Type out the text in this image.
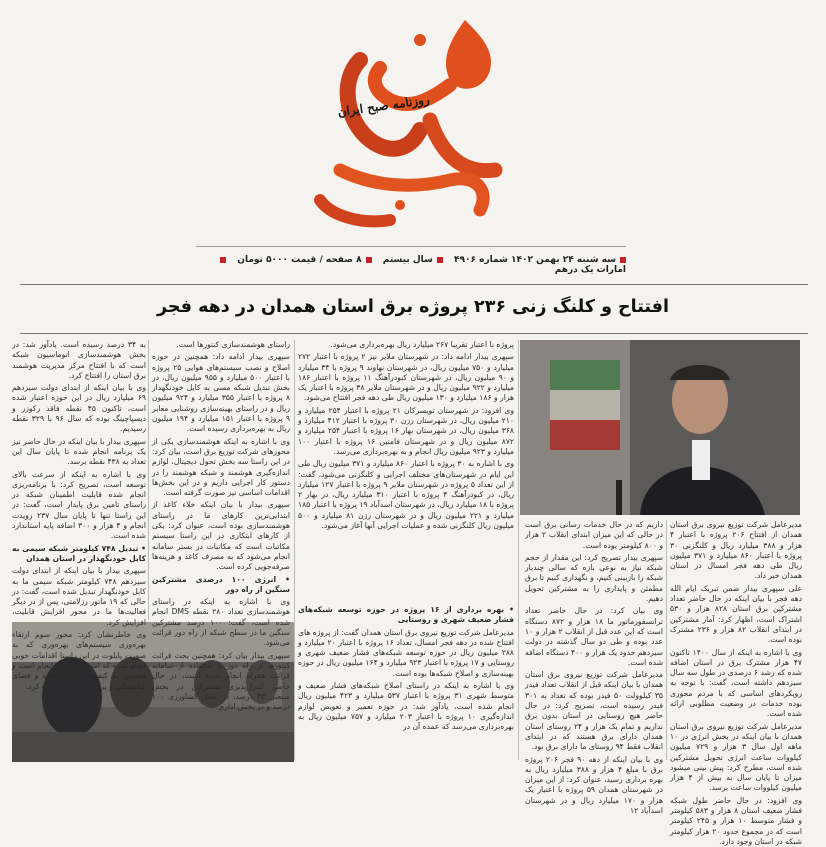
روزنامه صبح ایران
سه شنبه ۲۴ بهمن ۱۴۰۲ شماره ۴۹۰۶ سال بیستم ۸ صفحه / قیمت ۵۰۰۰ تومان امارات یک درهم
افتتاح و کلنگ زنی ۲۳۶ پروژه برق استان همدان در دهه فجر

مدیرعامل شرکت توزیع نیروی برق استان همدان از افتتاح ۲۰۶ پروژه با اعتبار ۴ هزار و ۳۸۸ میلیارد ریال و کلنگزنی ۳۰ پروژه با اعتبار ۸۶۰ میلیارد و ۳۷۱ میلیون ریال طی دهه فجر امسال در استان همدان خبر داد.

علی سپهری بیدار ضمن تبریک ایام الله دهه فجر با بیان اینکه در حال حاضر تعداد مشترکین برق استان ۸۲۸ هزار و ۵۳۰ اشتراک است، اظهار کرد: آمار مشترکین در ابتدای انقلاب ۸۲ هزار و ۲۳۶ مشترک بوده است.

وی با اشاره به اینکه از سال ۱۴۰۰ تاکنون ۴۷ هزار مشترک برق در استان اضافه شده که رشد ۶ درصدی در طول سه سال سیزدهم داشته است، گفت: با توجه به رویکردهای اساسی که با مردم محوری بوده خدمات در وضعیت مطلوبی ارائه شده است.

مدیرعامل شرکت توزیع نیروی برق استان همدان با بیان اینکه در بخش انرژی در ۱۰ ماهه اول سال ۳ هزار و ۷۲۹ میلیون کیلووات ساعت انرژی تحویل مشترکین شده است، مطرح کرد: پیش بینی میشود میزان تا پایان سال به بیش از ۴ هزار میلیون کیلووات ساعت برسد.

وی افزود: در حال حاضر طول شبکه فشار ضعیف استان ۸ هزار و ۵۸۳ کیلومتر و فشار متوسط ۱۰ هزار و ۲۴۵ کیلومتر است که در مجموع حدود ۲۰ هزار کیلومتر شبکه در استان وجود دارد.

داریم که در حال خدمات رسانی برق است در حالی که این میزان ابتدای انقلاب ۲ هزار و ۸۰۰ کیلومتر بوده است.

سپهری بیدار تصریح کرد: این مقدار از حجم شبکه نیاز به نوعی بازه که سالی چندبار شبکه را بازبینی کنیم، و نگهداری کنیم تا برق مطمئن و پایداری را به مشترکین تحویل دهیم.

وی بیان کرد: در حال حاضر تعداد ترانسفورماتور ما ۱۸ هزار و ۸۷۲ دستگاه است که این عدد قبل از انقلاب ۲ هزار و ۱۰ عدد بوده و طی دو سال گذشته در دولت سیزدهم حدود یک هزار و ۴۰۰ دستگاه اضافه شده است.

مدیرعامل شرکت توزیع نیروی برق استان همدان با بیان اینکه قبل از انقلاب تعداد فیدر ۳۵ کیلوولت ۵۰ فیدر بوده که تعداد به ۳۰۱ فیدر رسیده است، تصریح کرد: در حال حاضر هیچ روستایی در استان بدون برق نداریم و تمام یک هزار و ۲۴ روستای استان همدان دارای برق هستند که در ابتدای انقلاب فقط ۹۴ روستای ما دارای برق بود.

وی با بیان اینکه از دهه ۹۰ فجر ۲۰۶ پروژه برق با مبلغ ۴ هزار و ۳۸۸ میلیارد ریال به بهره برداری رسید، عنوان کرد: از این میزان در شهرستان همدان ۵۹ پروژه با اعتبار یک هزار و ۱۷۰ میلیارد ریال و در شهرستان اسدآباد ۱۲

• بهره برداری از ۱۶ پروژه در حوزه توسعه شبکه‌های فشار ضعیف شهری و روستایی

مدیرعامل شرکت توزیع نیروی برق استان همدان گفت: از پروژه های افتتاح شده در دهه فجر امسال، تعداد ۱۶ پروژه با اعتبار ۲۰ میلیارد و ۲۸۸ میلیون ریال در حوزه توسعه شبکه‌های فشار ضعیف شهری و روستایی و ۱۷ پروژه با اعتبار ۹۲۳ میلیارد و ۱۶۴ میلیون ریال در حوزه بهینه‌سازی و اصلاح شبکه‌ها بوده است.

وی با اشاره به اینکه در راستای اصلاح شبکه‌های فشار ضعیف و متوسط شهری ۳۱ پروژه با اعتبار ۵۳۷ میلیارد و ۴۲۳ میلیون ریال انجام شده است، یادآور شد: در حوزه تعمیر و تعویض لوازم اندازه‌گیری ۱۰ پروژه با اعتبار ۲۰۳ میلیارد و ۷۵۷ میلیون ریال به بهره‌برداری می‌رسد که عمده آن در

پروژه با اعتبار تقریبا ۲۶۷ میلیارد ریال بهره‌برداری می‌شود.

سپهری بیدار ادامه داد: در شهرستان ملایر نیز ۲ پروژه با اعتبار ۲۷۲ میلیارد و ۷۵۰ میلیون ریال، در شهرستان نهاوند ۹ پروژه با ۳۴ میلیارد و ۹۰ میلیون ریال، در شهرستان کبودرآهنگ ۱۱ پروژه با اعتبار ۱۸۶ میلیارد و ۹۲۲ میلیون ریال و در شهرستان ملایر ۳۸ پروژه با اعتبار یک هزار و ۱۸۶ میلیارد و ۱۳۰ میلیون ریال طی دهه فجر افتتاح می‌شود.

وی افزود: در شهرستان تویسرکان ۲۱ پروژه با اعتبار ۲۵۴ میلیارد و ۲۱۰ میلیون ریال، در شهرستان رزن ۳۰ پروژه با اعتبار ۴۱۲ میلیارد و ۳۶۸ میلیون ریال، در شهرستان بهار ۱۶ پروژه با اعتبار ۲۵۴ میلیارد و ۸۷۲ میلیون ریال و در شهرستان فامنین ۱۶ پروژه با اعتبار ۱۰۰ میلیارد و ۹۲۳ میلیون ریال انجام و به بهره‌برداری می‌رسد.

وی با اشاره به ۳۰ پروژه با اعتبار ۸۶۰ میلیارد و ۳۷۱ میلیون ریال طی این ایام در شهرستان‌های مختلف اجرایی و کلنگزنی می‌شود، گفت: از این تعداد ۵ پروژه در شهرستان ملایر ۹ پروژه با اعتبار ۱۲۷ میلیارد ریال، در کبودرآهنگ ۴ پروژه با اعتبار ۳۱۰ میلیارد ریال، در بهار ۲ پروژه با ۱۸ میلیارد ریال، در شهرستان اسدآباد ۱۹ پروژه با اعتبار ۱۸۵ میلیارد و ۲۲۱ میلیون ریال و در شهرستان رزن ۸۱ میلیارد و ۵۰۰ میلیون ریال کلنگزنی شده و عملیات اجرایی آنها آغاز می‌شود.

راستای هوشمندسازی کنتورها است.

سپهری بیدار ادامه داد: همچنین در حوزه اصلاح و نصب سیستم‌های هوایی ۲۵ پروژه با اعتبار ۵۰۰ میلیارد و ۹۵۵ میلیون ریال، در بخش تبدیل شبکه مسی به کابل خودنگهدار ۸ پروژه با اعتبار ۳۵۵ میلیارد و ۹۲۴ میلیون ریال و در راستای بهینه‌سازی روشنایی معابر ۹ پروژه با اعتبار ۱۵۱ میلیارد و ۱۹۴ میلیون ریال به بهره‌برداری رسیده است.

وی با اشاره به اینکه هوشمندسازی یکی از محورهای شرکت توزیع برق است، بیان کرد: در این راستا سه بخش تحول دیجیتال، لوازم اندازه‌گیری هوشمند و شبکه هوشمند را در دستور کار اجرایی داریم و در این بخش‌ها اقدامات اساسی نیز صورت گرفته است.

سپهری بیدار با بیان اینکه خلاء کاغذ از ابتدایی‌ترین کارهای ما در راستای هوشمندسازی بوده است، عنوان کرد: یکی از کارهای ابتکاری در این راستا سیستم مکاتبات است که مکاتبات در بستر سامانه انجام می‌شود که به مصرف کاغذ و هزینه‌ها صرفه‌جویی کرده است.

• انرژی ۱۰۰ درصدی مشترکین سنگین از راه دور

وی با اشاره به اینکه در راستای هوشمندسازی تعداد ۲۸۰ نقطه DMS انجام شده است، گفت: ۱۰۰ درصد مشترکین سنگین ما در سطح شبکه از راه دور قرائت می‌شود.

سپهری بیدار بیان کرد: همچنین بحث قرائت کنتورها از راه دور با استفاده از سامانه قرائت همراه انجام شده است، در حال حاضر کنترل‌پذیری مشترکین در بخش صنعتی ۴۳ درصد، در بخش کشاورزی ۱۰۰ درصد و در بخش اداری

به ۳۴ درصد رسیده است. یادآور شد: در بخش هوشمندسازی اتوماسیون شبکه است که با افتتاح مرکز مدیریت هوشمند برق استان را افتتاح کرد.

وی با بیان اینکه از ابتدای دولت سیزدهم ۶۹ میلیارد ریال در این حوزه اعتبار شده است، تاکنون ۴۵ نقطه فاقد رکوزر و دیسپاچینگ بوده که سال ۹۶ با ۳۲۹ نقطه رسیدیم.

سپهری بیدار با بیان اینکه در حال حاضر نیز یک برنامه انجام شده تا پایان سال این تعداد به ۴۳۸ نقطه برسد.

وی با اشاره به اینکه از سرعت بالای توسعه است، تصریح کرد: با برنامه‌ریزی انجام شده قابلیت اطمینان شبکه در راستای تامین برق پایدار است، گفت: در این راستا تنها تا پایان سال ۲۳۷ رویدت انجام و ۴ هزار و ۳۰۰ اضافه پایه استاندارد شده است.

• تبدیل ۷۴۸ کیلومتر شبکه سیمی به کابل خودنگهدار در استان همدان

سپهری بیدار با بیان اینکه از ابتدای دولت سیزدهم ۷۴۸ کیلومتر شبکه سیمی ما به کابل خودنگهدار تبدیل شده است، گفت: در حالی که ۱۹ ماتور رزلامتی، پس از در دیگر فعالیت‌ها ما در محور افزایش قابلیت، افزایش کرد.

وی خاطرنشان کرد: محور سوم ارتقاء بهره‌وری سیستم‌های بهره‌وری که به صورت پایلوت در این راستا اقدامات خوبی انجام شده که امیدواریم حال انجام است و همچنین به کیفیت شبکه منطقه و فضای ساختمانی و پروژه معماری اشاره کرد.
